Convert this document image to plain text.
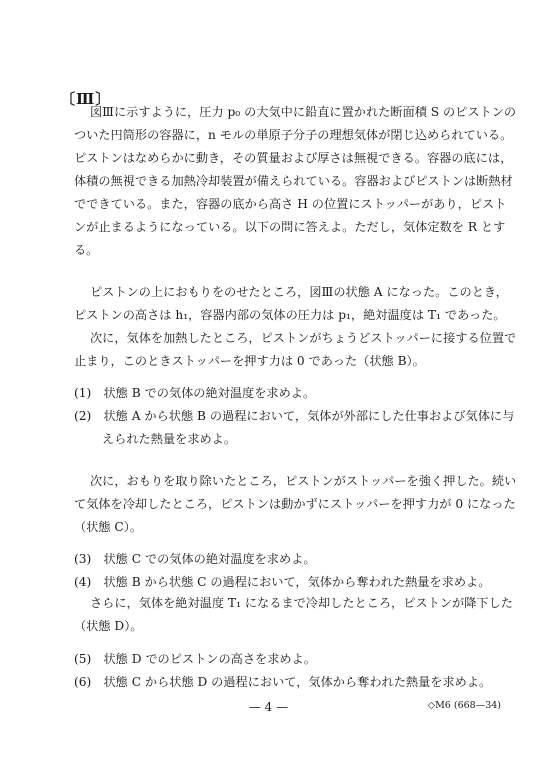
〔Ⅲ〕
図Ⅲに示すように，圧力 p₀ の大気中に鉛直に置かれた断面積 S のピストンの
ついた円筒形の容器に，n モルの単原子分子の理想気体が閉じ込められている。
ピストンはなめらかに動き，その質量および厚さは無視できる。容器の底には，
体積の無視できる加熱冷却装置が備えられている。容器およびピストンは断熱材
でできている。また，容器の底から高さ H の位置にストッパーがあり，ピスト
ンが止まるようになっている。以下の問に答えよ。ただし，気体定数を R とす
る。
ピストンの上におもりをのせたところ，図Ⅲの状態 A になった。このとき，
ピストンの高さは h₁，容器内部の気体の圧力は p₁，絶対温度は T₁ であった。
次に，気体を加熱したところ，ピストンがちょうどストッパーに接する位置で
止まり，このときストッパーを押す力は 0 であった（状態 B）。
(1)　状態 B での気体の絶対温度を求めよ。
(2)　状態 A から状態 B の過程において，気体が外部にした仕事および気体に与
えられた熱量を求めよ。
次に，おもりを取り除いたところ，ピストンがストッパーを強く押した。続い
て気体を冷却したところ，ピストンは動かずにストッパーを押す力が 0 になった
（状態 C）。
(3)　状態 C での気体の絶対温度を求めよ。
(4)　状態 B から状態 C の過程において，気体から奪われた熱量を求めよ。
さらに，気体を絶対温度 T₁ になるまで冷却したところ，ピストンが降下した
（状態 D）。
(5)　状態 D でのピストンの高さを求めよ。
(6)　状態 C から状態 D の過程において，気体から奪われた熱量を求めよ。
— 4 —	◇M6 (668—34)
